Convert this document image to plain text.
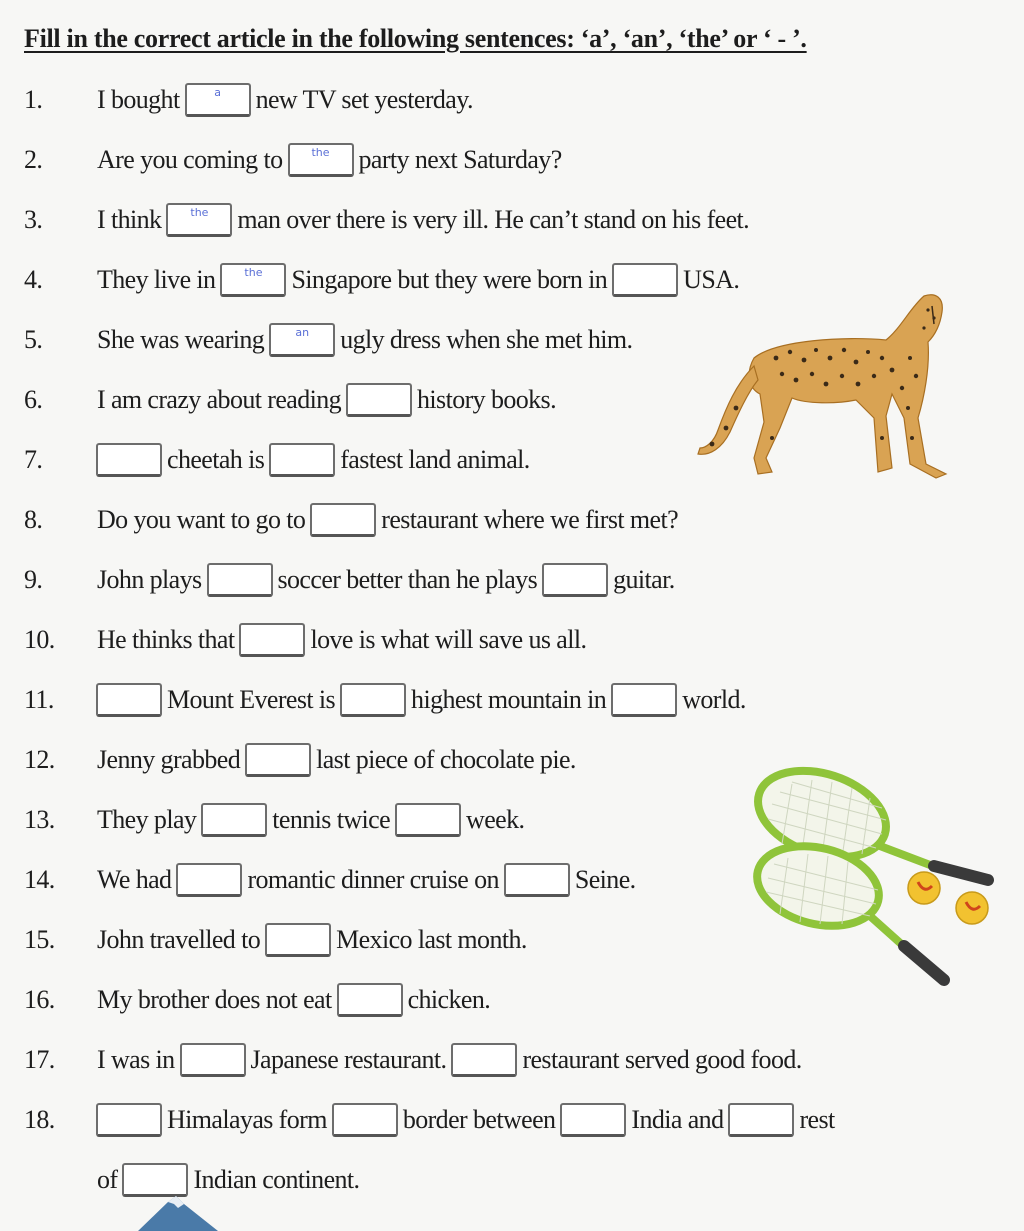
Fill in the correct article in the following sentences: ‘a’, ‘an’, ‘the’ or ‘ - ’.
1.	I bought	a	new TV set yesterday.
2.	Are you coming to	the	party next Saturday?
3.	I think	the	man over there is very ill. He can’t stand on his feet.
4.	They live in	the	Singapore but they were born in	USA.
5.	She was wearing	an	ugly dress when she met him.
6.	I am crazy about reading	history books.
7.	cheetah is	fastest land animal.
8.	Do you want to go to	restaurant where we first met?
9.	John plays	soccer better than he plays	guitar.
10.	He thinks that	love is what will save us all.
11.	Mount Everest is	highest mountain in	world.
12.	Jenny grabbed	last piece of chocolate pie.
13.	They play	tennis twice	week.
14.	We had	romantic dinner cruise on	Seine.
15.	John travelled to	Mexico last month.
16.	My brother does not eat	chicken.
17.	I was in	Japanese restaurant.	restaurant served good food.
18.	Himalayas form	border between	India and	rest
of	Indian continent.
